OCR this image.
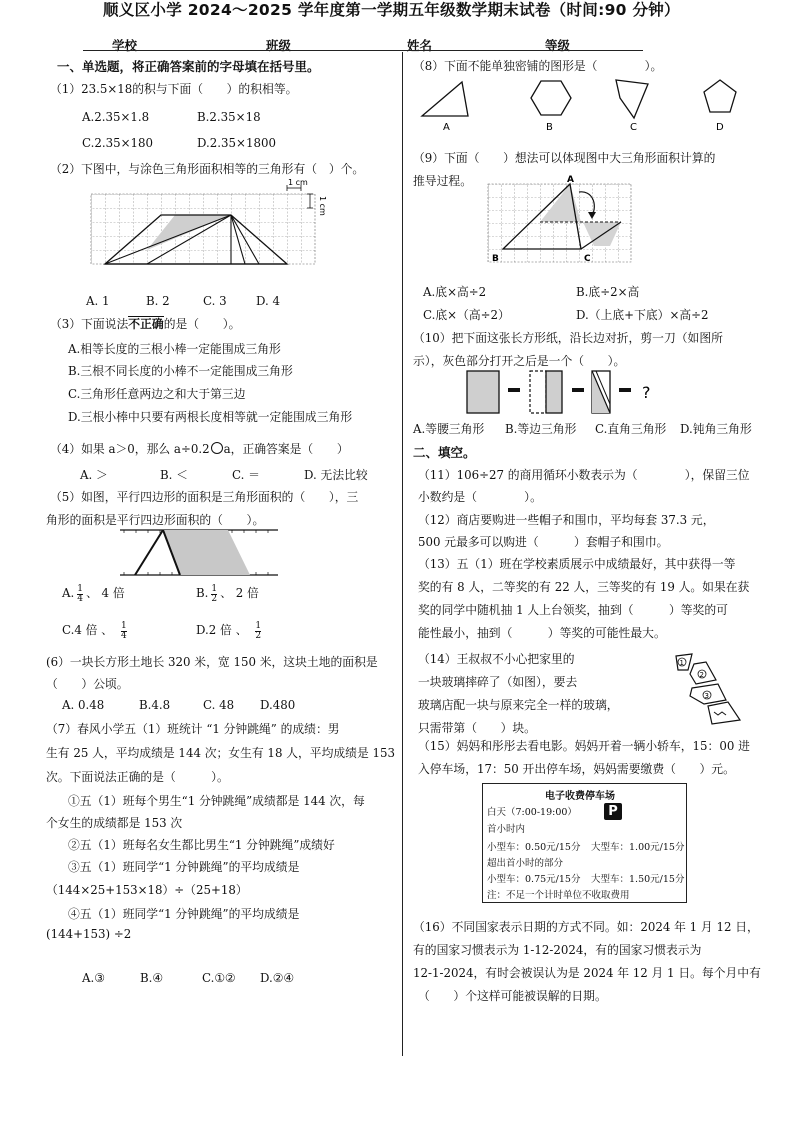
顺义区小学 2024～2025 学年度第一学期五年级数学期末试卷（时间:90 分钟）
学校	班级	姓名	等级
一、单选题，将正确答案前的字母填在括号里。
（1）23.5×18的积与下面（　　）的积相等。
A.2.35×1.8	B.2.35×18
C.2.35×180	D.2.35×1800
（2）下图中，与涂色三角形面积相等的三角形有（　）个。
1 cm
1 cm
A. 1	B. 2	C. 3 D. 4
（3）下面说法不正确的是（　　）。
A.相等长度的三根小棒一定能围成三角形
B.三根不同长度的小棒不一定能围成三角形
C.三角形任意两边之和大于第三边
D.三根小棒中只要有两根长度相等就一定能围成三角形
（4）如果 a＞0，那么 a÷0.2 a，正确答案是（　　）
A. ＞	B. ＜	C. ＝	D. 无法比较
（5）如图，平行四边形的面积是三角形面积的（　　），三
角形的面积是平行四边形面积的（　　）。
A. $\frac{1}{4}$ 、 4 倍	B. $\frac{1}{2}$ 、 2 倍
C.4 倍 、 $\frac{1}{4}$	D.2 倍 、 $\frac{1}{2}$
(6）一块长方形土地长 320 米，宽 150 米，这块土地的面积是
（　　）公顷。
A. 0.48	B.4.8	C. 48 D.480
（7）春风小学五（1）班统计 “1 分钟跳绳” 的成绩：男
生有 25 人，平均成绩是 144 次；女生有 18 人，平均成绩是 153
次。下面说法正确的是（　　　）。
①五（1）班每个男生“1 分钟跳绳”成绩都是 144 次，每
个女生的成绩都是 153 次
②五（1）班每名女生都比男生“1 分钟跳绳”成绩好
③五（1）班同学“1 分钟跳绳”的平均成绩是
（144×25+153×18）÷（25+18）
④五（1）班同学“1 分钟跳绳”的平均成绩是
(144+153) ÷2
A.③	B.④	C.①② D.②④
（8）下面不能单独密铺的图形是（　　　　）。
A	B	C	D
（9）下面（　　）想法可以体现图中大三角形面积计算的
推导过程。	A
B	C
A.底×高÷2	B.底÷2×高
C.底×（高÷2）	D.（上底+下底）×高÷2
（10）把下面这张长方形纸，沿长边对折，剪一刀（如图所
示），灰色部分打开之后是一个（　　）。
?
A.等腰三角形 B.等边三角形 C.直角三角形 D.钝角三角形
二、填空。
（11）106÷27 的商用循环小数表示为（　　　　），保留三位
小数约是（　　　　）。
（12）商店要购进一些帽子和围巾，平均每套 37.3 元，
500 元最多可以购进（　　　）套帽子和围巾。
（13）五（1）班在学校素质展示中成绩最好，其中获得一等
奖的有 8 人，二等奖的有 22 人，三等奖的有 19 人。如果在获
奖的同学中随机抽 1 人上台领奖，抽到（　　　）等奖的可
能性最小，抽到（　　　）等奖的可能性最大。
（14）王叔叔不小心把家里的
一块玻璃摔碎了（如图），要去
玻璃店配一块与原来完全一样的玻璃，
只需带第（　　）块。
1
2
3
（15）妈妈和彤彤去看电影。妈妈开着一辆小轿车，15：00 进
入停车场，17：50 开出停车场，妈妈需要缴费（　　）元。
电子收费停车场
白天（7:00-19:00）	P
首小时内
小型车：0.50元/15分 大型车：1.00元/15分
超出首小时的部分
小型车：0.75元/15分 大型车：1.50元/15分
注：不足一个计时单位不收取费用
（16）不同国家表示日期的方式不同。如：2024 年 1 月 12 日，
有的国家习惯表示为 1-12-2024，有的国家习惯表示为
12-1-2024，有时会被误认为是 2024 年 12 月 1 日。每个月中有
（　　）个这样可能被误解的日期。
